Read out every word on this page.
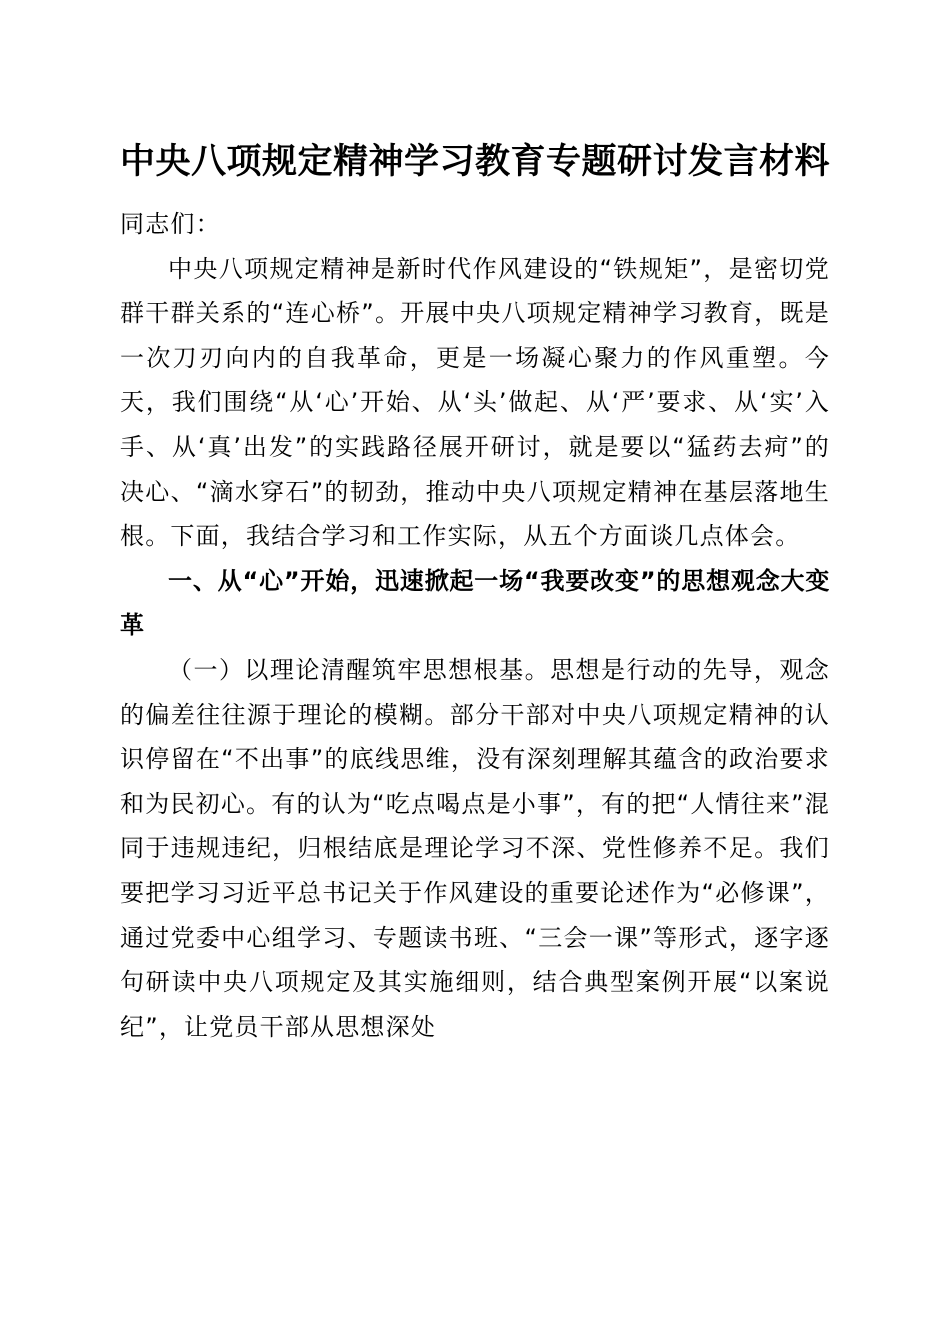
中央八项规定精神学习教育专题研讨发言材料

同志们：

中央八项规定精神是新时代作风建设的“铁规矩”，是密切党群干群关系的“连心桥”。开展中央八项规定精神学习教育，既是一次刀刃向内的自我革命，更是一场凝心聚力的作风重塑。今天，我们围绕“从‘心’开始、从‘头’做起、从‘严’要求、从‘实’入手、从‘真’出发”的实践路径展开研讨，就是要以“猛药去疴”的决心、“滴水穿石”的韧劲，推动中央八项规定精神在基层落地生根。下面，我结合学习和工作实际，从五个方面谈几点体会。

一、从“心”开始，迅速掀起一场“我要改变”的思想观念大变革

（一）以理论清醒筑牢思想根基。思想是行动的先导，观念的偏差往往源于理论的模糊。部分干部对中央八项规定精神的认识停留在“不出事”的底线思维，没有深刻理解其蕴含的政治要求和为民初心。有的认为“吃点喝点是小事”，有的把“人情往来”混同于违规违纪，归根结底是理论学习不深、党性修养不足。我们要把学习习近平总书记关于作风建设的重要论述作为“必修课”，通过党委中心组学习、专题读书班、“三会一课”等形式，逐字逐句研读中央八项规定及其实施细则，结合典型案例开展“以案说纪”，让党员干部从思想深处
